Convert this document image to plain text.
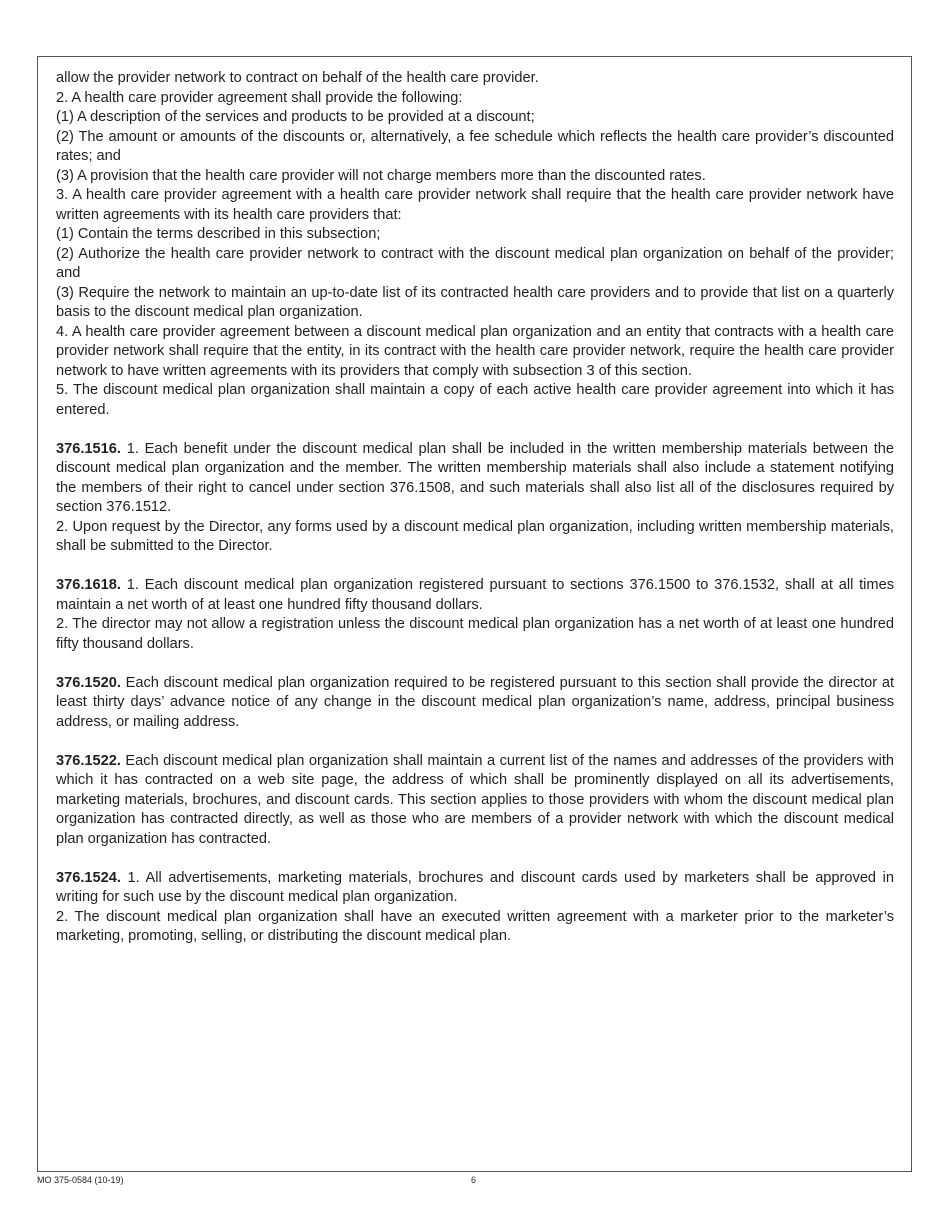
allow the provider network to contract on behalf of the health care provider.

2. A health care provider agreement shall provide the following:

(1) A description of the services and products to be provided at a discount;

(2) The amount or amounts of the discounts or, alternatively, a fee schedule which reflects the health care provider’s discounted rates; and

(3) A provision that the health care provider will not charge members more than the discounted rates.

3. A health care provider agreement with a health care provider network shall require that the health care provider network have written agreements with its health care providers that:

(1) Contain the terms described in this subsection;

(2) Authorize the health care provider network to contract with the discount medical plan organization on behalf of the provider; and

(3) Require the network to maintain an up-to-date list of its contracted health care providers and to provide that list on a quarterly basis to the discount medical plan organization.

4. A health care provider agreement between a discount medical plan organization and an entity that contracts with a health care provider network shall require that the entity, in its contract with the health care provider network, require the health care provider network to have written agreements with its providers that comply with subsection 3 of this section.

5. The discount medical plan organization shall maintain a copy of each active health care provider agreement into which it has entered.

376.1516. 1. Each benefit under the discount medical plan shall be included in the written membership materials between the discount medical plan organization and the member. The written membership materials shall also include a statement notifying the members of their right to cancel under section 376.1508, and such materials shall also list all of the disclosures required by section 376.1512.

2. Upon request by the Director, any forms used by a discount medical plan organization, including written membership materials, shall be submitted to the Director.

376.1618. 1. Each discount medical plan organization registered pursuant to sections 376.1500 to 376.1532, shall at all times maintain a net worth of at least one hundred fifty thousand dollars.

2. The director may not allow a registration unless the discount medical plan organization has a net worth of at least one hundred fifty thousand dollars.

376.1520. Each discount medical plan organization required to be registered pursuant to this section shall provide the director at least thirty days’ advance notice of any change in the discount medical plan organization’s name, address, principal business address, or mailing address.

376.1522. Each discount medical plan organization shall maintain a current list of the names and addresses of the providers with which it has contracted on a web site page, the address of which shall be prominently displayed on all its advertisements, marketing materials, brochures, and discount cards. This section applies to those providers with whom the discount medical plan organization has contracted directly, as well as those who are members of a provider network with which the discount medical plan organization has contracted.

376.1524. 1. All advertisements, marketing materials, brochures and discount cards used by marketers shall be approved in writing for such use by the discount medical plan organization.

2. The discount medical plan organization shall have an executed written agreement with a marketer prior to the marketer’s marketing, promoting, selling, or distributing the discount medical plan.

MO 375-0584 (10-19)	6
